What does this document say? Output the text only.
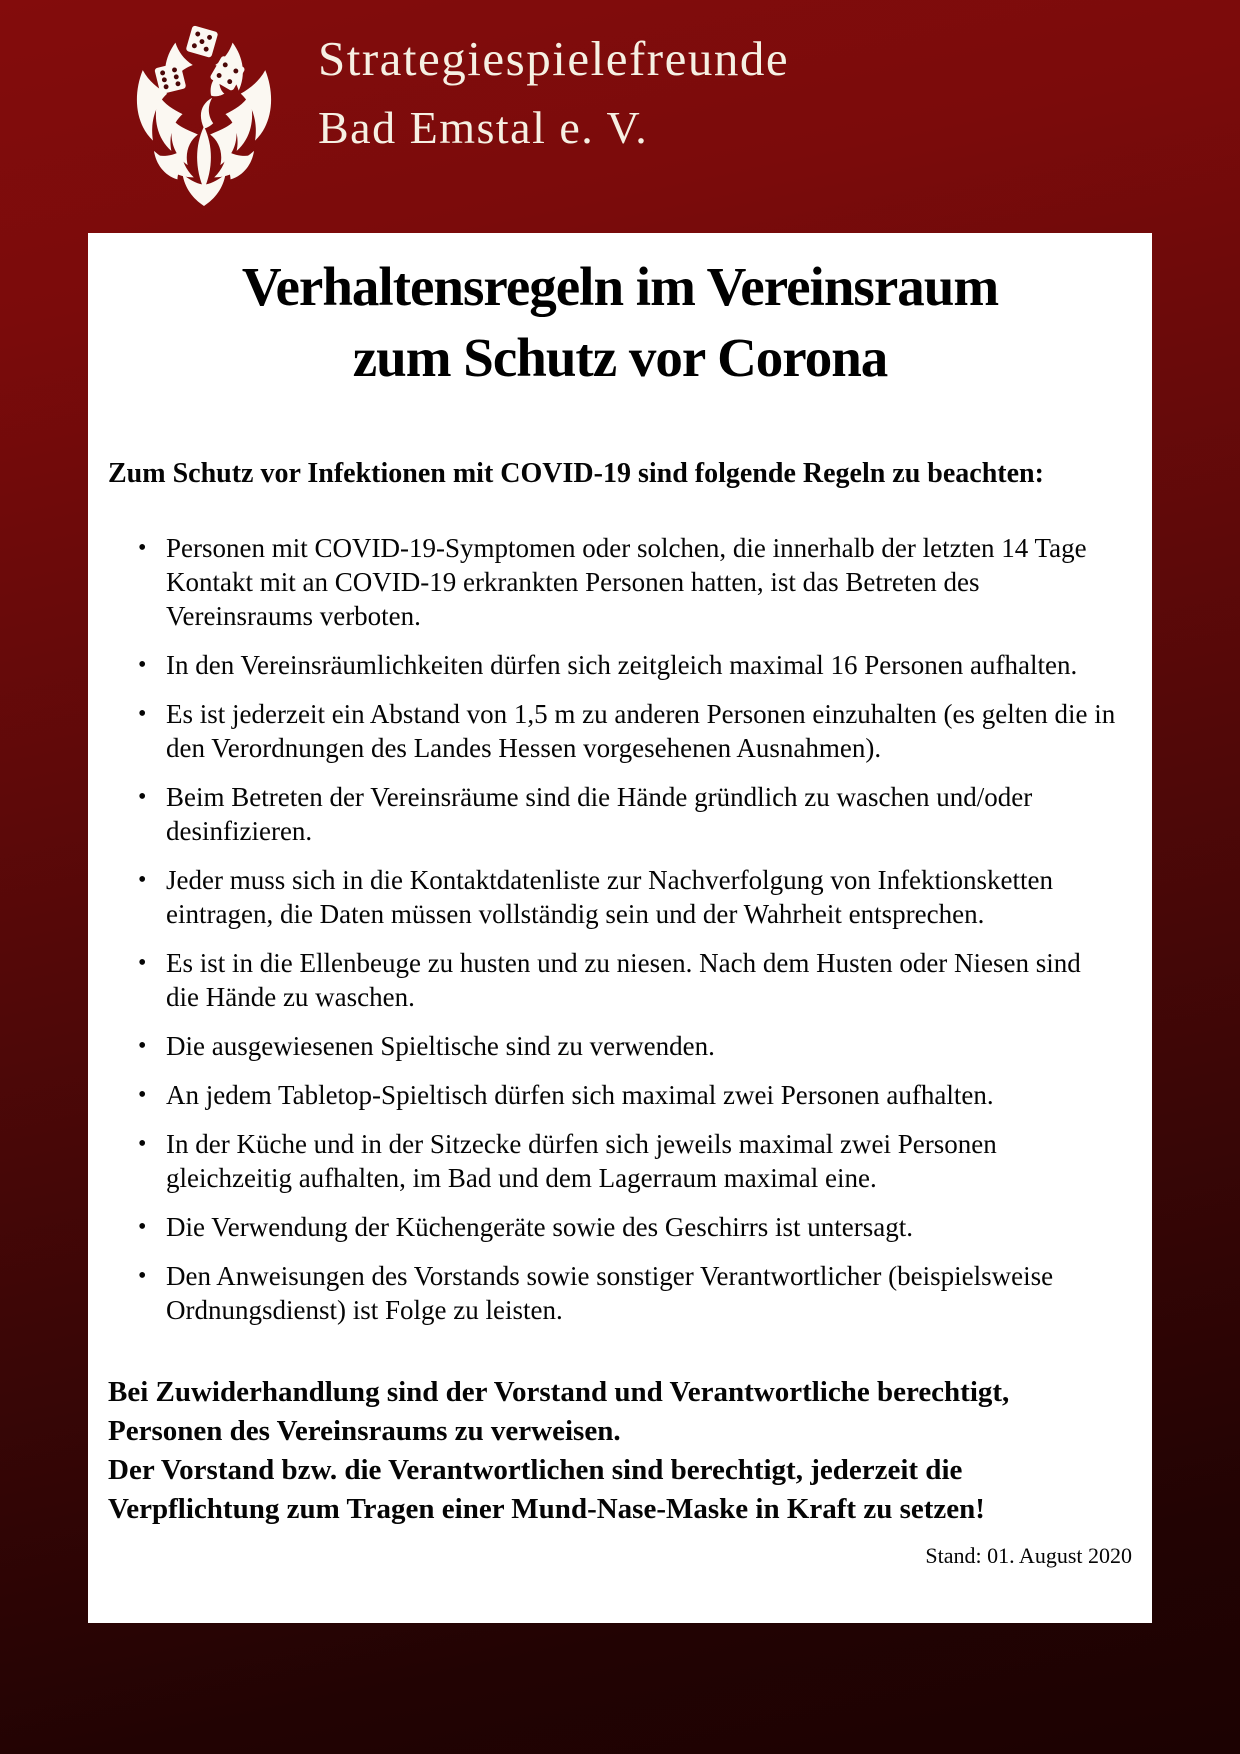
Strategiespielefreunde
Bad Emstal e. V.
Verhaltensregeln im Vereinsraum
zum Schutz vor Corona

Zum Schutz vor Infektionen mit COVID-19 sind folgende Regeln zu beachten:

• Personen mit COVID-19-Symptomen oder solchen, die innerhalb der letzten 14 Tage Kontakt mit an COVID-19 erkrankten Personen hatten, ist das Betreten des Vereinsraums verboten.
• In den Vereinsräumlichkeiten dürfen sich zeitgleich maximal 16 Personen aufhalten.
• Es ist jederzeit ein Abstand von 1,5 m zu anderen Personen einzuhalten (es gelten die in den Verordnungen des Landes Hessen vorgesehenen Ausnahmen).
• Beim Betreten der Vereinsräume sind die Hände gründlich zu waschen und/oder desinfizieren.
• Jeder muss sich in die Kontaktdatenliste zur Nachverfolgung von Infektionsketten eintragen, die Daten müssen vollständig sein und der Wahrheit entsprechen.
• Es ist in die Ellenbeuge zu husten und zu niesen. Nach dem Husten oder Niesen sind die Hände zu waschen.
• Die ausgewiesenen Spieltische sind zu verwenden.
• An jedem Tabletop-Spieltisch dürfen sich maximal zwei Personen aufhalten.
• In der Küche und in der Sitzecke dürfen sich jeweils maximal zwei Personen gleichzeitig aufhalten, im Bad und dem Lagerraum maximal eine.
• Die Verwendung der Küchengeräte sowie des Geschirrs ist untersagt.
• Den Anweisungen des Vorstands sowie sonstiger Verantwortlicher (beispielsweise Ordnungsdienst) ist Folge zu leisten.

Bei Zuwiderhandlung sind der Vorstand und Verantwortliche berechtigt, Personen des Vereinsraums zu verweisen.

Der Vorstand bzw. die Verantwortlichen sind berechtigt, jederzeit die Verpflichtung zum Tragen einer Mund-Nase-Maske in Kraft zu setzen!

Stand: 01. August 2020
